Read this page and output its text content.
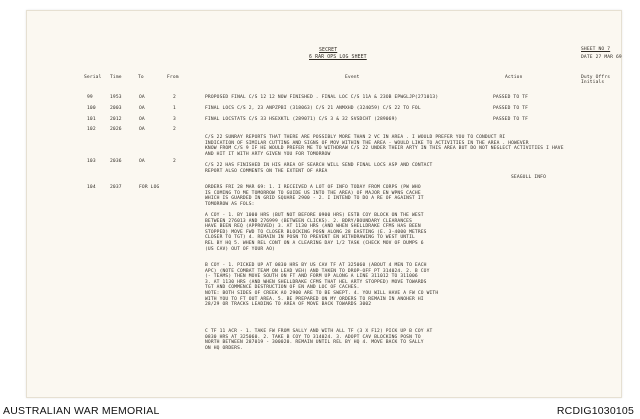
SECRET
6 RAR OPS LOG SHEET
SHEET NO 7
DATE 27 MAR 69
Serial Time	To	From	Event	Action	Duty Offrs
Initials
99	1953	OA	2	PROPOSED FINAL C/S 12 12 NOW FINISHED . FINAL LOC C/S 11A & 23OB EPWGLJP(271013)	PASSED TO TF
100	2003	OA	1	FINAL LOCS C/S 2, 23 ANPZPBI (318063) C/S 21 ANMXHD (324059) C/S 22 TO FOL	PASSED TO TF
101	2012	OA	3	FINAL LOCSTATS C/S 33 HSEXKTL (289071) C/S 3 & 32 SVSDCHT (289069)	PASSED TO TF
102	2026	OA	2
C/S 22 SUNRAY REPORTS THAT THERE ARE POSSIBLY MORE THAN 2 VC IN AREA . I WOULD PREFER YOU TO CONDUCT RI
INDICATION OF SIMILAR CUTTING AND SIGNS OF MOV WITHIN THE AREA - WOULD LIKE TO ACTIVITIES IN THE AREA . HOWEVER
KNOW FROM C/S 9 IF HE WOULD PREFER ME TO WITHDRAW C/S 22 UNDER THEIR ARTY IN THIS AREA BUT DO NOT NEGLECT ACTIVITIES I HAVE
AND HIT IT WITH ARTY GIVEN YOU FOR TOMORROW
103	2036	OA	2
C/S 22 HAS FINISHED IN HIS AREA OF SEARCH WILL SEND FINAL LOCS ASP AND CONTACT
REPORT ALSO COMMENTS ON THE EXTENT OF AREA
SEAGULL INFO
104	2037	FOR LOG	ORDERS FRI 28 MAR 69: 1. I RECEIVED A LOT OF INFO TODAY FROM CORPS (PW WHO
IS COMING TO ME TOMORROW TO GUIDE US INTO THE AREA) OF MAJOR EN WPNS CACHE
WHICH IS GUARDED IN GRID SQUARE 2900 - 2. I INTEND TO DO A RE OF AGAINST IT
TOMORROW AS FOLS:
A COY - 1. BY 1000 HRS (BUT NOT BEFORE 0900 HRS) ESTB COY BLOCK ON THE WEST
BETWEEN 276013 AND 276999 (BETWEEN CLICKS). 2. BDRY/BOUNDARY CLEARANCES
HAVE BEEN REQ (APPROVED) 3. AT 1130 HRS (AND WHEN SHELLDRAKE CFMS HAS BEEN
STOPPED) MOVE FWD TO CLOSER BLOCKING POSN ALONG 28 EASTING (E. 3-4000 METRES
CLOSER TO TGT) 4. REMAIN IN POSN TO PREVENT EN WITHDRAWING TO WEST UNTIL
REL BY HQ 5. WHEN REL CONT ON A CLEARING DAY 1/2 TASK (CHECK MOV OF DUMPS 6
(US CAV) OUT OF YOUR AO)
B COY - 1. PICKED UP AT 0830 HRS BY US CAV TF AT 325060 (ABOUT 4 MEN TO EACH
APC) (NOTE COMBAT TEAM ON LEAD VEH) AND TAKEN TO DROP-OFF PT 314024. 2. B COY
(- TEAMS) THEN MOVE SOUTH ON FT AND FORM UP ALONG A LINE 311012 TO 311006
3. AT 1130 HRS (AND WHEN SHELLDRAKE CFMS THAT HEL ARTY STOPPED) MOVE TOWARDS
TGT AND COMMENCE DESTRUCTION OF EN AND LOC OF CACHES.
NOTE: BOTH SIDES OF CREEK AO 2900 ARE TO BE SWEPT. 4. YOU WILL HAVE A FW CO WITH
WITH YOU TO FT OUT AREA. 5. BE PREPARED ON MY ORDERS TO REMAIN IN ANOHER HI
28/29 OR TRACKS LEADING TO AREA OF MOVE BACK TOWARDS 3002
C TF 11 ACR - 1. TAKE FW FROM SALLY AND WITH ALL TF (3 X F12) PICK UP B COY AT
0830 HRS AT 325060. 2. TAKE B COY TO 314024. 3. ADOPT CAV BLOCKING POSN TO
NORTH BETWEEN 287019 - 300020. REMAIN UNTIL REL BY HQ 4. MOVE BACK TO SALLY
ON HQ ORDERS.
AUSTRALIAN WAR MEMORIAL	RCDIG1030105
